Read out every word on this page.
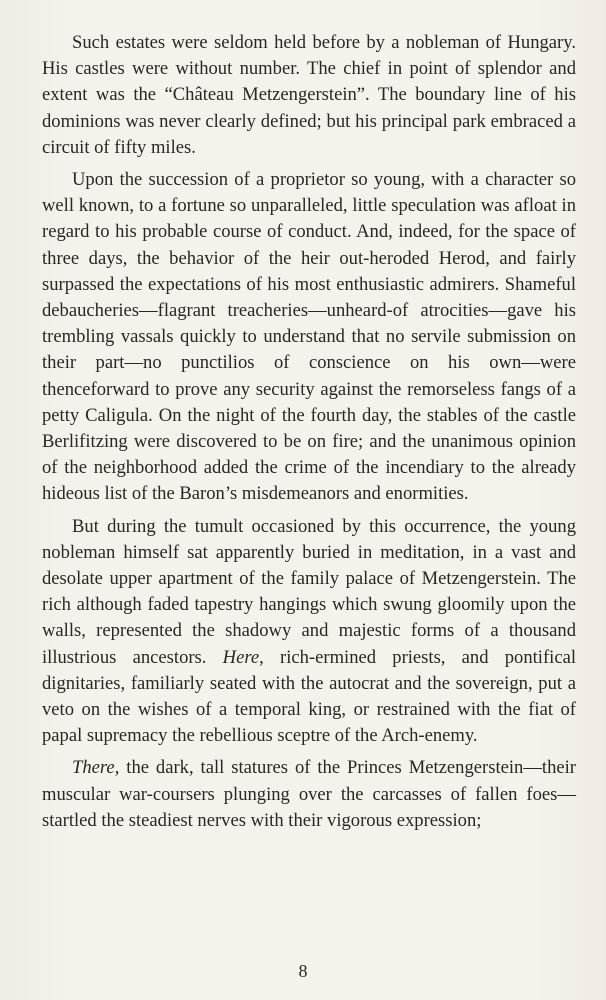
Such estates were seldom held before by a nobleman of Hungary. His castles were without number. The chief in point of splendor and extent was the “Château Metzengerstein”. The boundary line of his dominions was never clearly defined; but his principal park embraced a circuit of fifty miles.

Upon the succession of a proprietor so young, with a character so well known, to a fortune so unparalleled, little speculation was afloat in regard to his probable course of conduct. And, indeed, for the space of three days, the behavior of the heir out-heroded Herod, and fairly surpassed the expectations of his most enthusiastic admirers. Shameful debaucheries—flagrant treacheries—unheard-of atrocities—gave his trembling vassals quickly to understand that no servile submission on their part—no punctilios of conscience on his own—were thenceforward to prove any security against the remorseless fangs of a petty Caligula. On the night of the fourth day, the stables of the castle Berlifitzing were discovered to be on fire; and the unanimous opinion of the neighborhood added the crime of the incendiary to the already hideous list of the Baron’s misdemeanors and enormities.

But during the tumult occasioned by this occurrence, the young nobleman himself sat apparently buried in meditation, in a vast and desolate upper apartment of the family palace of Metzengerstein. The rich although faded tapestry hangings which swung gloomily upon the walls, represented the shadowy and majestic forms of a thousand illustrious ancestors. Here, rich-ermined priests, and pontifical dignitaries, familiarly seated with the autocrat and the sovereign, put a veto on the wishes of a temporal king, or restrained with the fiat of papal supremacy the rebellious sceptre of the Arch-enemy.

There, the dark, tall statures of the Princes Metzengerstein—their muscular war-coursers plunging over the carcasses of fallen foes—startled the steadiest nerves with their vigorous expression;

8
